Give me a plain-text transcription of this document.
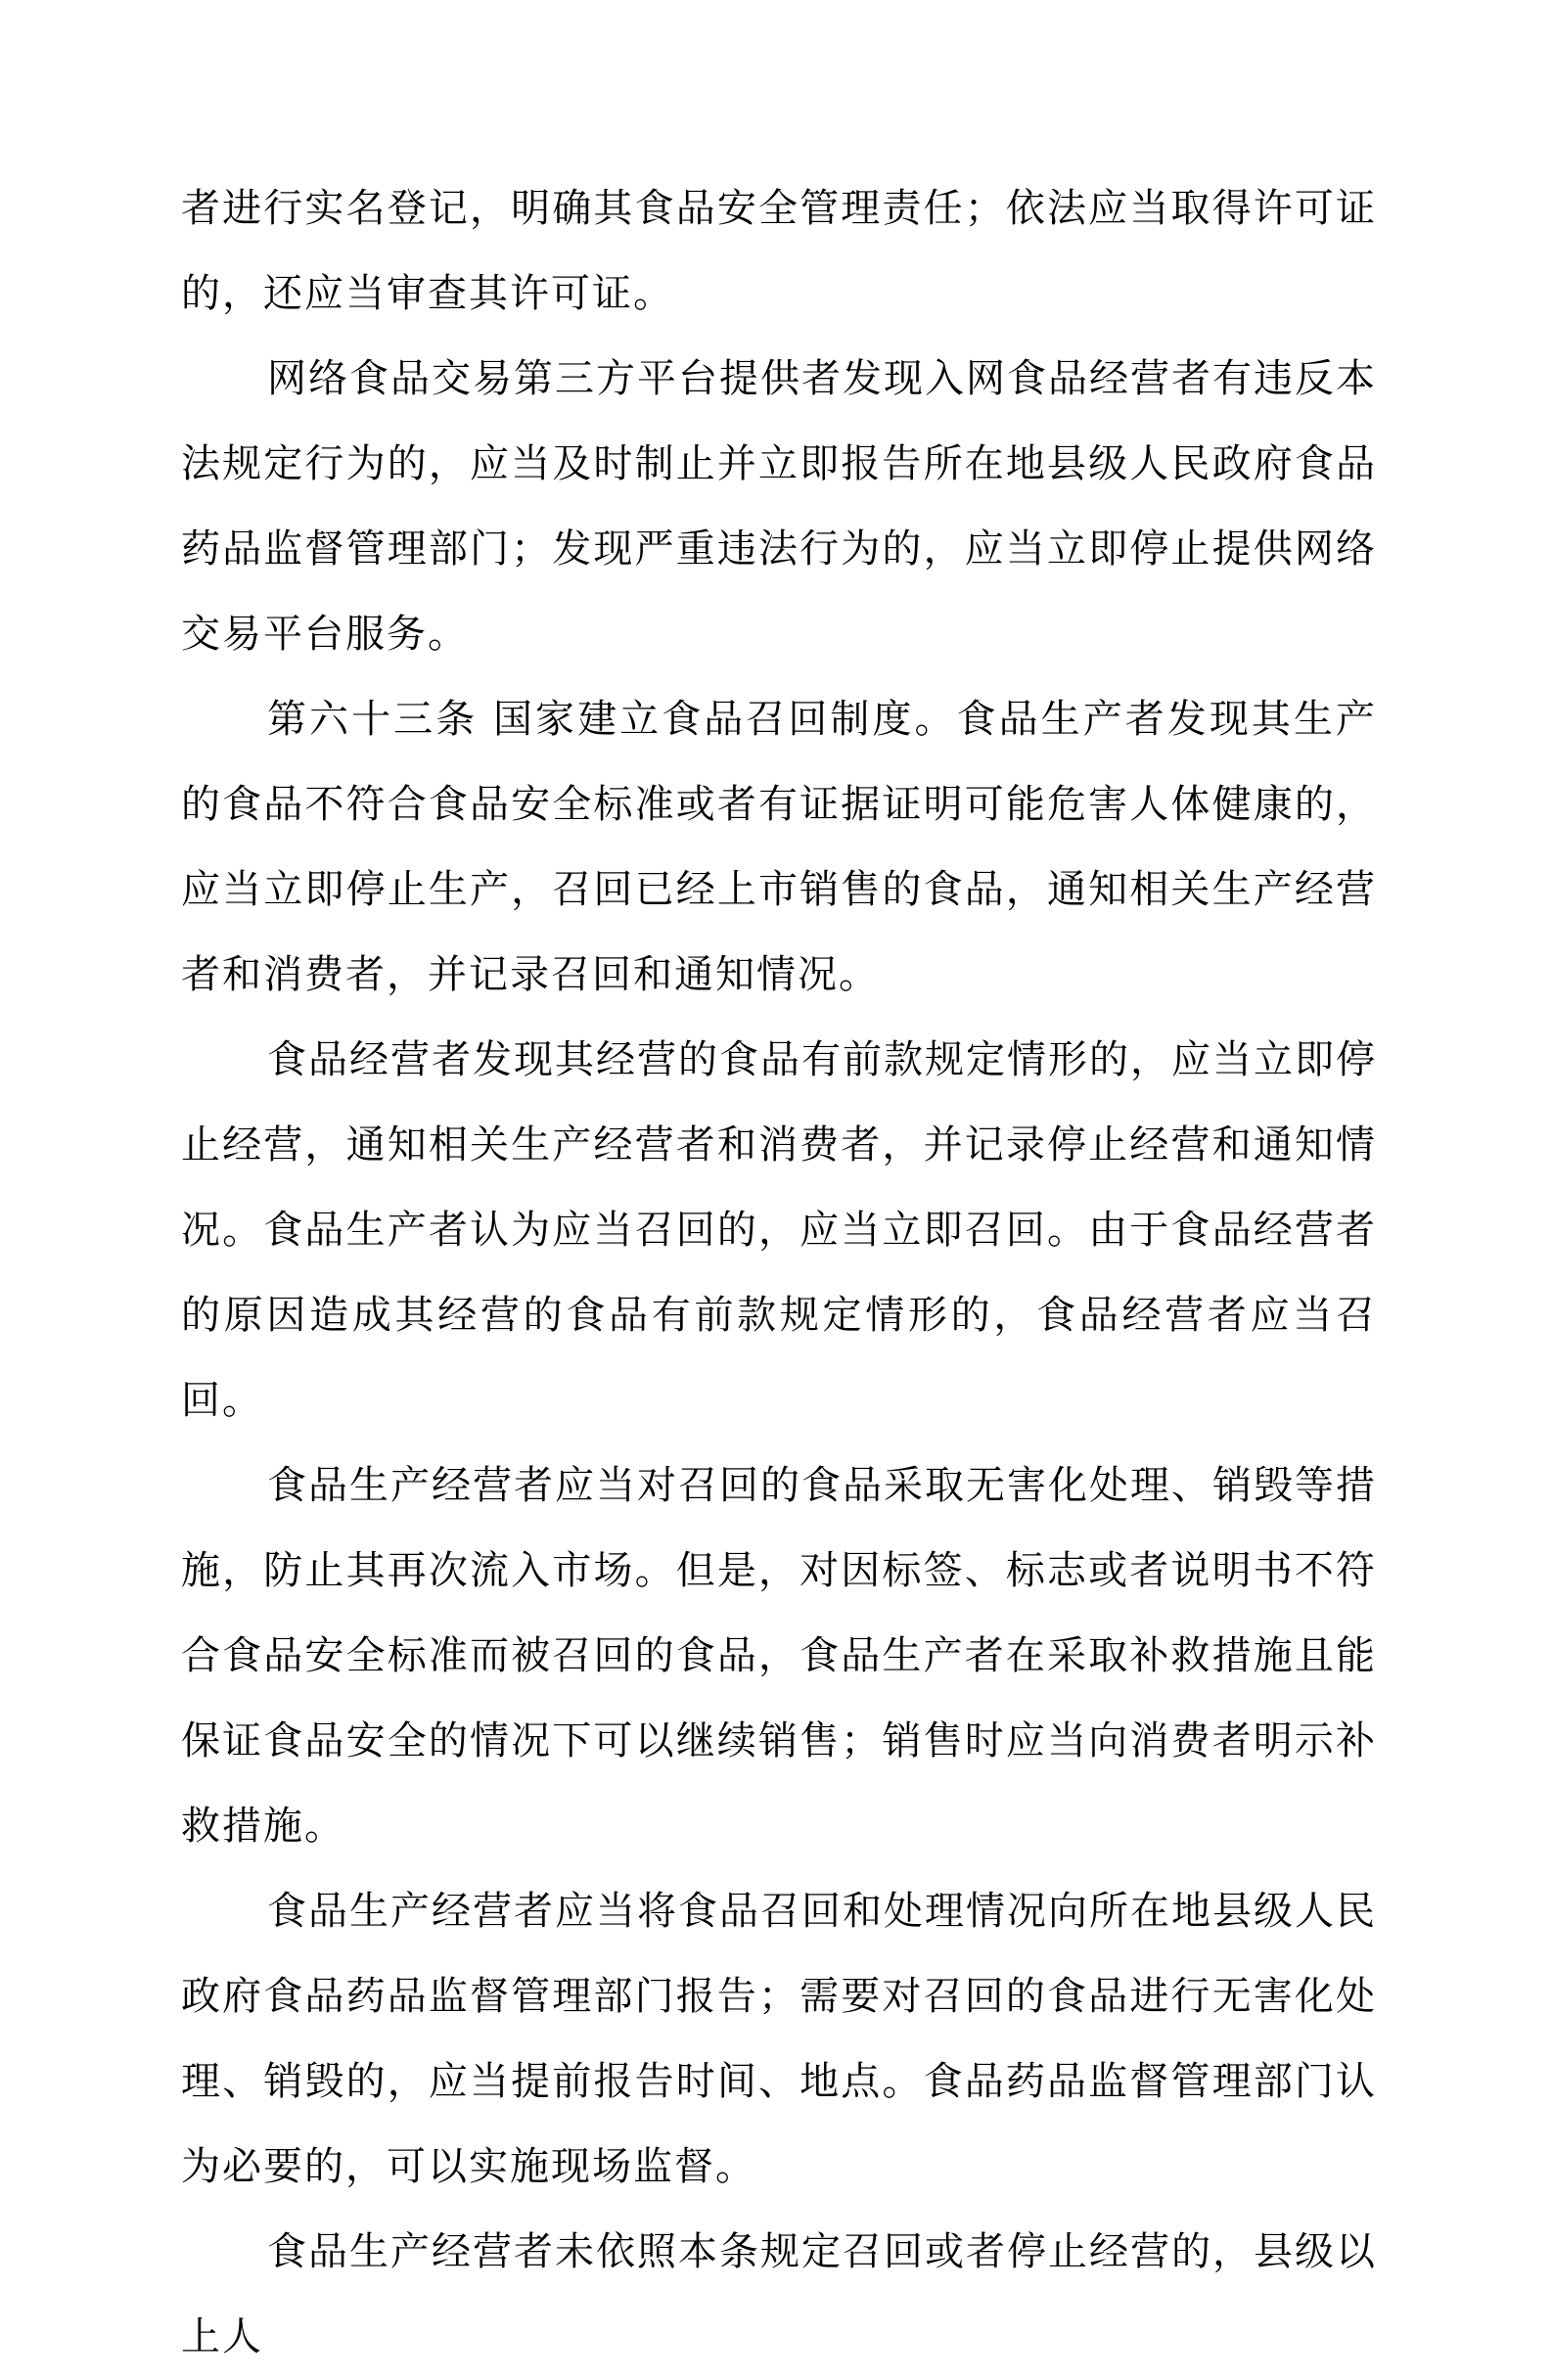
者进行实名登记，明确其食品安全管理责任；依法应当取得许可证的，还应当审查其许可证。

网络食品交易第三方平台提供者发现入网食品经营者有违反本法规定行为的，应当及时制止并立即报告所在地县级人民政府食品药品监督管理部门；发现严重违法行为的，应当立即停止提供网络交易平台服务。

第六十三条 国家建立食品召回制度。食品生产者发现其生产的食品不符合食品安全标准或者有证据证明可能危害人体健康的，应当立即停止生产，召回已经上市销售的食品，通知相关生产经营者和消费者，并记录召回和通知情况。

食品经营者发现其经营的食品有前款规定情形的，应当立即停止经营，通知相关生产经营者和消费者，并记录停止经营和通知情况。食品生产者认为应当召回的，应当立即召回。由于食品经营者的原因造成其经营的食品有前款规定情形的，食品经营者应当召回。

食品生产经营者应当对召回的食品采取无害化处理、销毁等措施，防止其再次流入市场。但是，对因标签、标志或者说明书不符合食品安全标准而被召回的食品，食品生产者在采取补救措施且能保证食品安全的情况下可以继续销售；销售时应当向消费者明示补救措施。

食品生产经营者应当将食品召回和处理情况向所在地县级人民政府食品药品监督管理部门报告；需要对召回的食品进行无害化处理、销毁的，应当提前报告时间、地点。食品药品监督管理部门认为必要的，可以实施现场监督。

食品生产经营者未依照本条规定召回或者停止经营的，县级以上人
